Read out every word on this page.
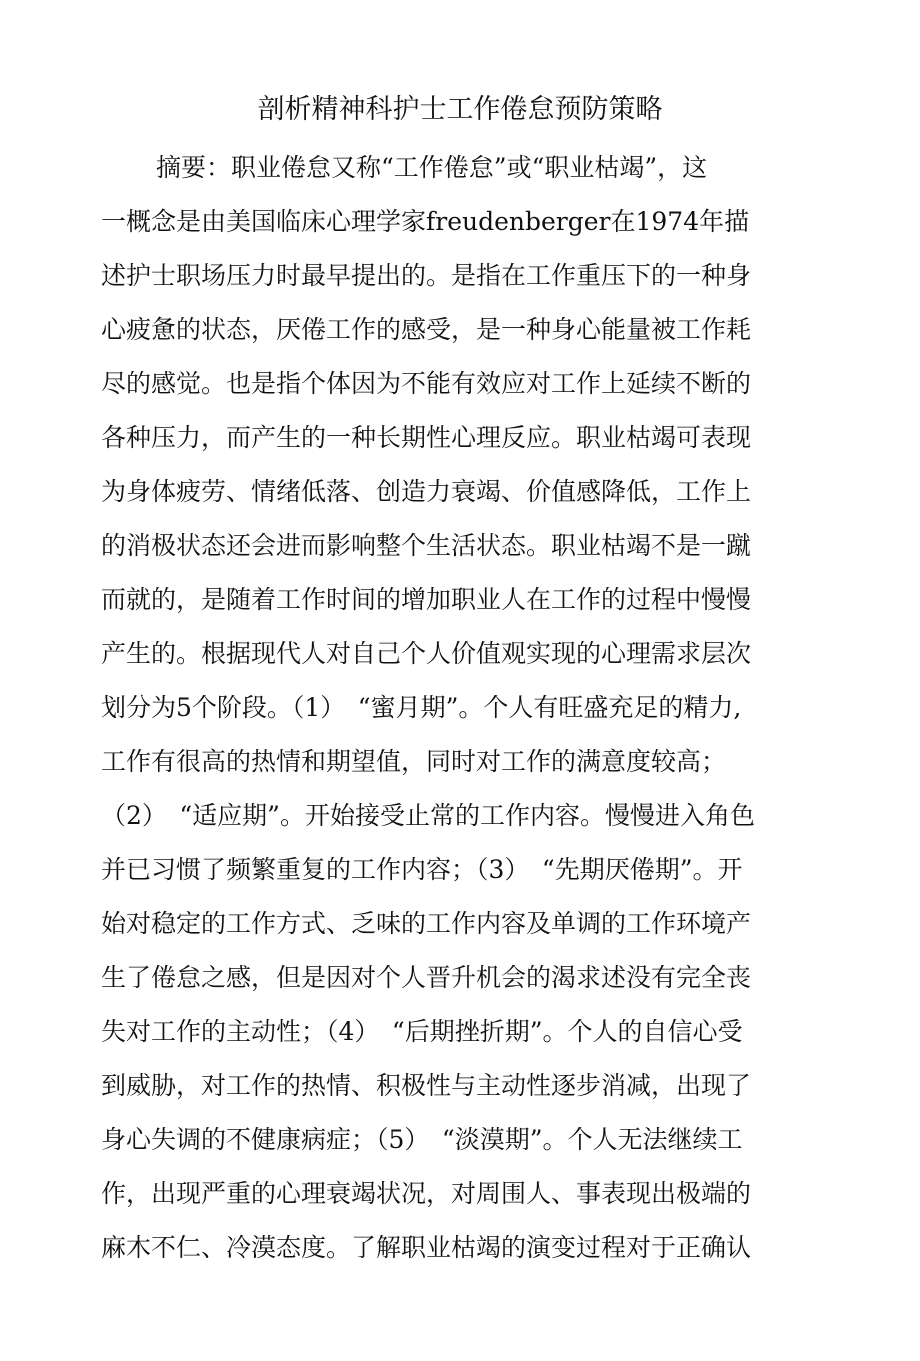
剖析精神科护士工作倦怠预防策略
摘要：职业倦怠又称“工作倦怠”或“职业枯竭”，这
一概念是由美国临床心理学家freudenberger在1974年描
述护士职场压力时最早提出的。是指在工作重压下的一种身
心疲惫的状态，厌倦工作的感受，是一种身心能量被工作耗
尽的感觉。也是指个体因为不能有效应对工作上延续不断的
各种压力，而产生的一种长期性心理反应。职业枯竭可表现
为身体疲劳、情绪低落、创造力衰竭、价值感降低，工作上
的消极状态还会进而影响整个生活状态。职业枯竭不是一蹴
而就的，是随着工作时间的增加职业人在工作的过程中慢慢
产生的。根据现代人对自己个人价值观实现的心理需求层次
划分为5个阶段。（1）　“蜜月期”。个人有旺盛充足的精力,
工作有很高的热情和期望值，同时对工作的满意度较高；
（2）　“适应期”。开始接受止常的工作内容。慢慢进入角色
并已习惯了频繁重复的工作内容；（3）　“先期厌倦期”。开
始对稳定的工作方式、乏味的工作内容及单调的工作环境产
生了倦怠之感，但是因对个人晋升机会的渴求述没有完全丧
失对工作的主动性；（4）　“后期挫折期”。个人的自信心受
到威胁，对工作的热情、积极性与主动性逐步消减，出现了
身心失调的不健康病症；（5）　“淡漠期”。个人无法继续工
作，出现严重的心理衰竭状况，对周围人、事表现出极端的
麻木不仁、冷漠态度。了解职业枯竭的演变过程对于正确认
